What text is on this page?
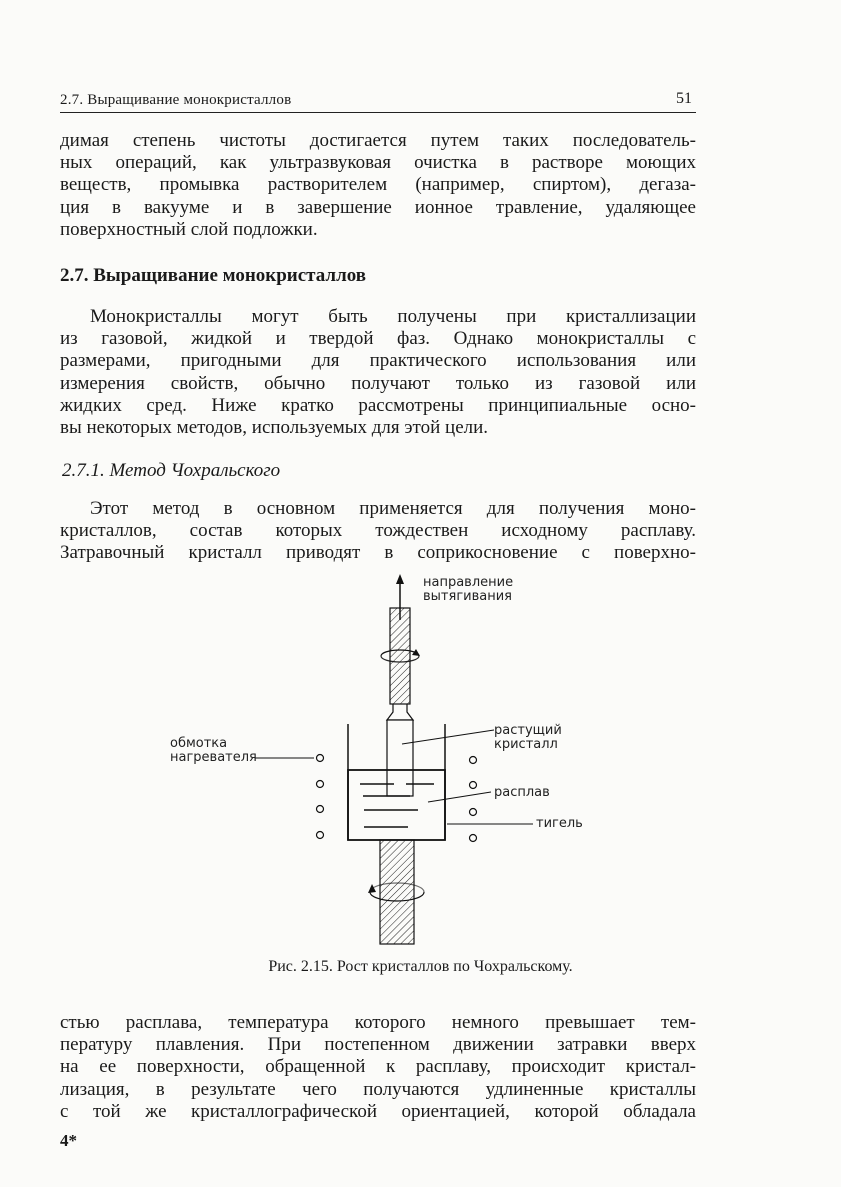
2.7. Выращивание монокристаллов	51
димая степень чистоты достигается путем таких последователь-
ных операций, как ультразвуковая очистка в растворе моющих
веществ, промывка растворителем (например, спиртом), дегаза-
ция в вакууме и в завершение ионное травление, удаляющее
поверхностный слой подложки.
2.7. Выращивание монокристаллов
Монокристаллы могут быть получены при кристаллизации
из газовой, жидкой и твердой фаз. Однако монокристаллы с
размерами, пригодными для практического использования или
измерения свойств, обычно получают только из газовой или
жидких сред. Ниже кратко рассмотрены принципиальные осно-
вы некоторых методов, используемых для этой цели.
2.7.1. Метод Чохральского
Этот метод в основном применяется для получения моно-
кристаллов, состав которых тождествен исходному расплаву.
Затравочный кристалл приводят в соприкосновение с поверхно-
направление
вытягивания
растущий
кристалл
обмотка
нагревателя
расплав
тигель
Рис. 2.15. Рост кристаллов по Чохральскому.
стью расплава, температура которого немного превышает тем-
пературу плавления. При постепенном движении затравки вверх
на ее поверхности, обращенной к расплаву, происходит кристал-
лизация, в результате чего получаются удлиненные кристаллы
с той же кристаллографической ориентацией, которой обладала
4*
